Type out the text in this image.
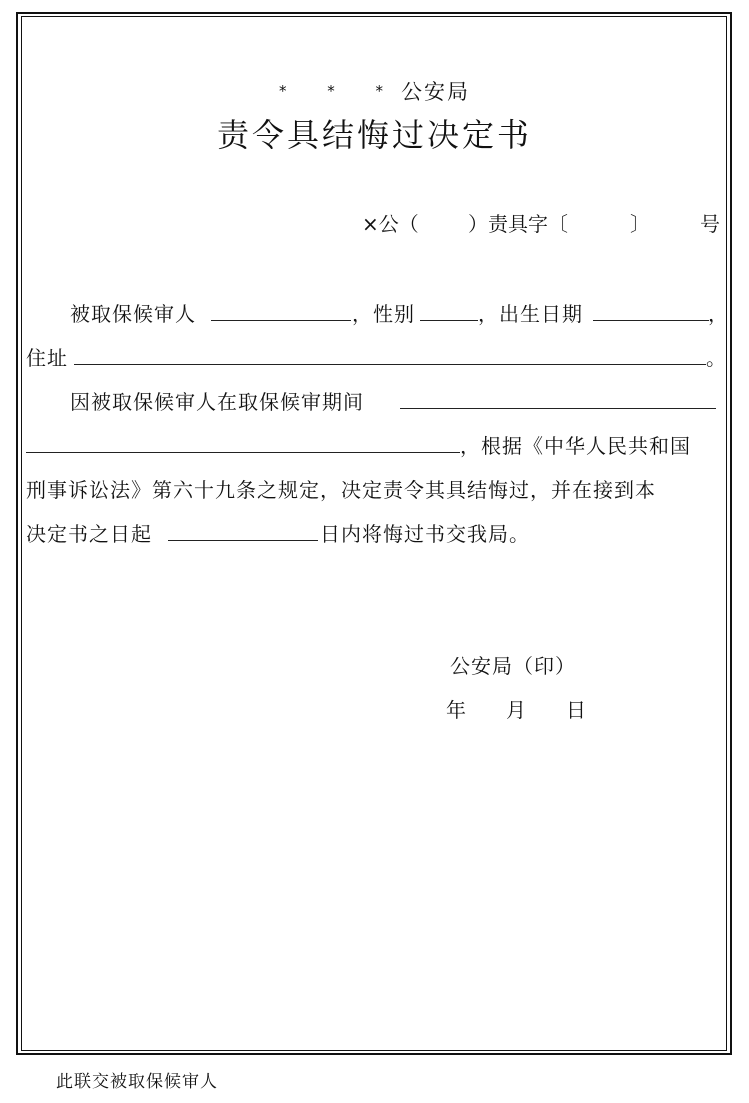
* * *公安局
责令具结悔过决定书
×公（ ）责具字〔	〕	号
被取保候审人	，性别	，出生日期	，
住址	。
因被取保候审人在取保候审期间
，根据《中华人民共和国
刑事诉讼法》第六十九条之规定，决定责令其具结悔过，并在接到本
决定书之日起	日内将悔过书交我局。
公安局（印）
年 月 日
此联交被取保候审人
